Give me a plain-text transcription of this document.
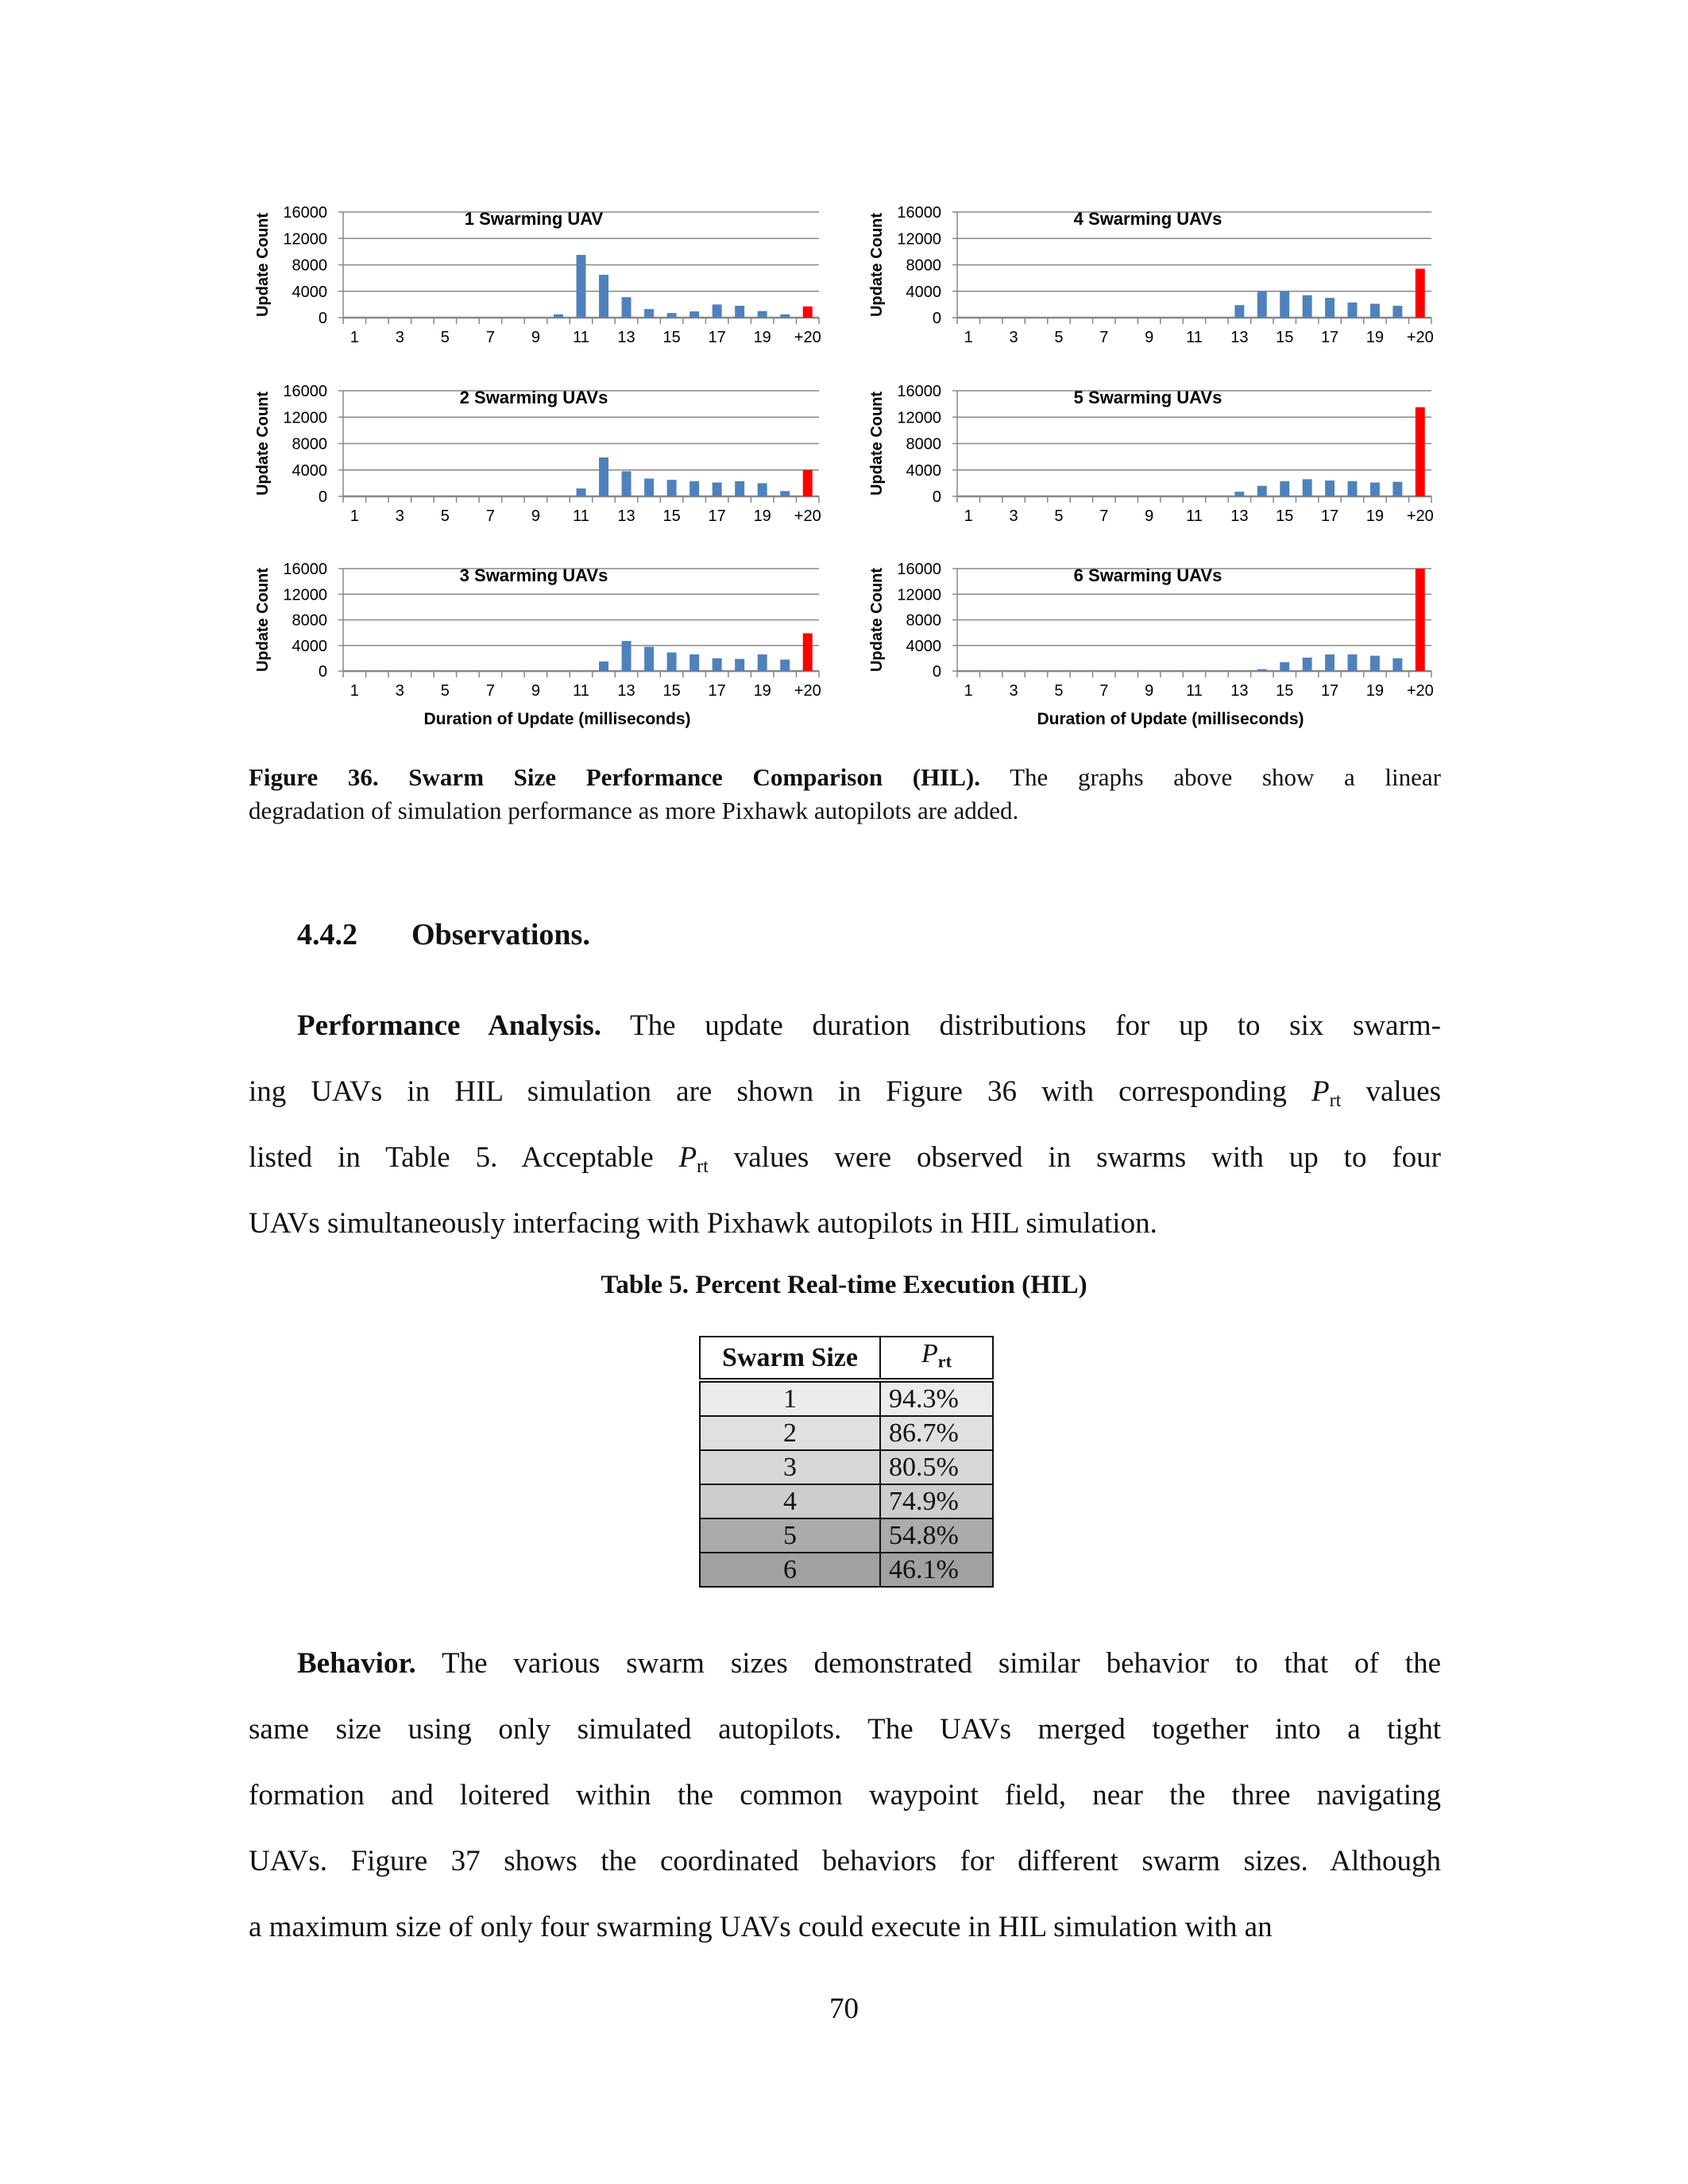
0
4000
8000
12000
16000
1 3 5 7 9 11 13 15 17 19 +20
1 Swarming UAV
Update Count
0
4000
8000
12000
16000
1 3 5 7 9 11 13 15 17 19 +20
2 Swarming UAVs
Update Count
0
4000
8000
12000
16000
1 3 5 7 9 11 13 15 17 19 +20
3 Swarming UAVs
Update Count
Duration of Update (milliseconds)
0
4000
8000
12000
16000
1 3 5 7 9 11 13 15 17 19 +20
4 Swarming UAVs
Update Count
0
4000
8000
12000
16000
1 3 5 7 9 11 13 15 17 19 +20
5 Swarming UAVs
Update Count
0
4000
8000
12000
16000
1 3 5 7 9 11 13 15 17 19 +20
6 Swarming UAVs
Update Count
Duration of Update (milliseconds)
Figure 36. Swarm Size Performance Comparison (HIL). The graphs above show a linear
degradation of simulation performance as more Pixhawk autopilots are added.
4.4.2 Observations.
Performance Analysis. The update duration distributions for up to six swarm-
ing UAVs in HIL simulation are shown in Figure 36 with corresponding $P_{rt}$ values
listed in Table 5. Acceptable $P_{rt}$ values were observed in swarms with up to four
UAVs simultaneously interfacing with Pixhawk autopilots in HIL simulation.
Table 5. Percent Real-time Execution (HIL)
Swarm Size	$P_{rt}$
1	94.3%
2	86.7%
3	80.5%
4	74.9%
5	54.8%
6	46.1%
Behavior. The various swarm sizes demonstrated similar behavior to that of the
same size using only simulated autopilots. The UAVs merged together into a tight
formation and loitered within the common waypoint field, near the three navigating
UAVs. Figure 37 shows the coordinated behaviors for different swarm sizes. Although
a maximum size of only four swarming UAVs could execute in HIL simulation with an
70
